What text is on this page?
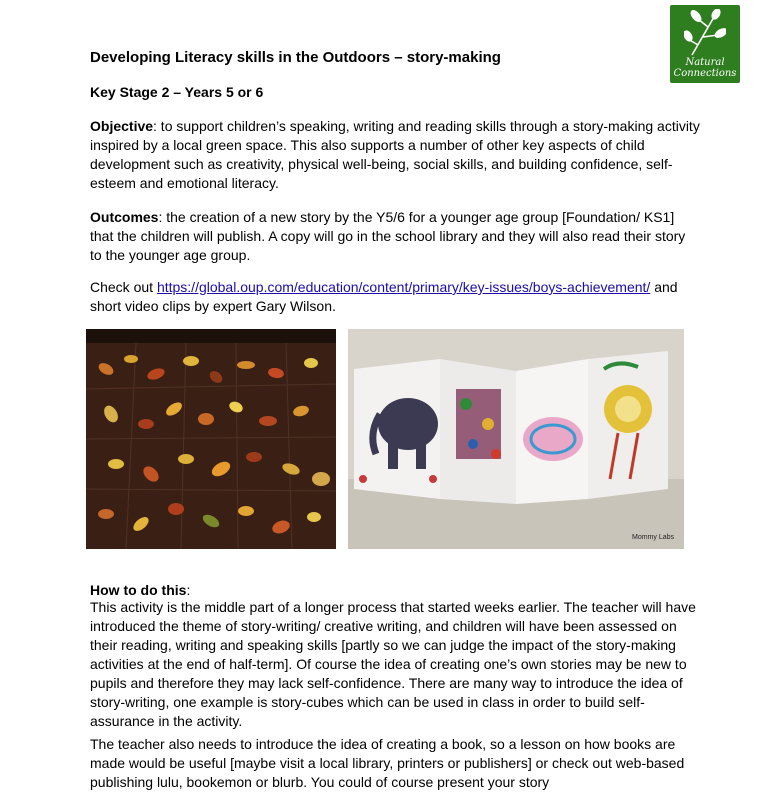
Natural
Connections
Developing Literacy skills in the Outdoors – story-making
Key Stage 2 – Years 5 or 6
Objective: to support children’s speaking, writing and reading skills through a story-making activity inspired by a local green space. This also supports a number of other key aspects of child development such as creativity, physical well-being, social skills, and building confidence, self-esteem and emotional literacy.
Outcomes: the creation of a new story by the Y5/6 for a younger age group [Foundation/ KS1] that the children will publish. A copy will go in the school library and they will also read their story to the younger age group.
Check out https://global.oup.com/education/content/primary/key-issues/boys-achievement/ and short video clips by expert Gary Wilson.
Mommy Labs
How to do this:
This activity is the middle part of a longer process that started weeks earlier. The teacher will have introduced the theme of story-writing/ creative writing, and children will have been assessed on their reading, writing and speaking skills [partly so we can judge the impact of the story-making activities at the end of half-term]. Of course the idea of creating one’s own stories may be new to pupils and therefore they may lack self-confidence. There are many way to introduce the idea of story-writing, one example is story-cubes which can be used in class in order to build self-assurance in the activity.
The teacher also needs to introduce the idea of creating a book, so a lesson on how books are made would be useful [maybe visit a local library, printers or publishers] or check out web-based publishing lulu, bookemon or blurb. You could of course present your story
